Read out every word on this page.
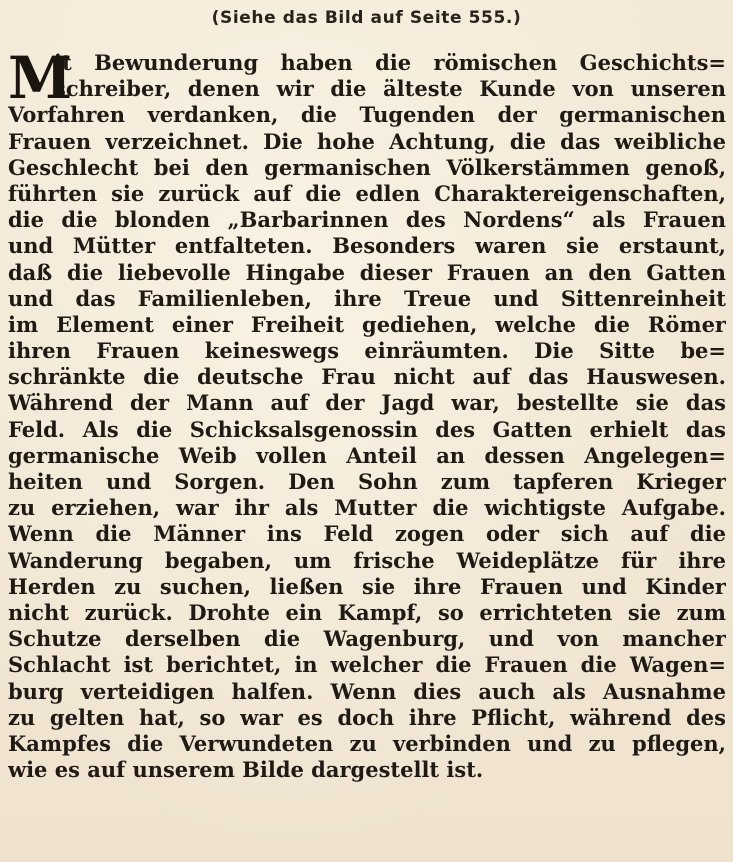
(Siehe das Bild auf Seite 555.)
M
it Bewunderung haben die römischen Geschichts=
schreiber, denen wir die älteste Kunde von unseren
Vorfahren verdanken, die Tugenden der germanischen
Frauen verzeichnet. Die hohe Achtung, die das weibliche
Geschlecht bei den germanischen Völkerstämmen genoß,
führten sie zurück auf die edlen Charaktereigenschaften,
die die blonden „Barbarinnen des Nordens“ als Frauen
und Mütter entfalteten. Besonders waren sie erstaunt,
daß die liebevolle Hingabe dieser Frauen an den Gatten
und das Familienleben, ihre Treue und Sittenreinheit
im Element einer Freiheit gediehen, welche die Römer
ihren Frauen keineswegs einräumten. Die Sitte be=
schränkte die deutsche Frau nicht auf das Hauswesen.
Während der Mann auf der Jagd war, bestellte sie das
Feld. Als die Schicksalsgenossin des Gatten erhielt das
germanische Weib vollen Anteil an dessen Angelegen=
heiten und Sorgen. Den Sohn zum tapferen Krieger
zu erziehen, war ihr als Mutter die wichtigste Aufgabe.
Wenn die Männer ins Feld zogen oder sich auf die
Wanderung begaben, um frische Weideplätze für ihre
Herden zu suchen, ließen sie ihre Frauen und Kinder
nicht zurück. Drohte ein Kampf, so errichteten sie zum
Schutze derselben die Wagenburg, und von mancher
Schlacht ist berichtet, in welcher die Frauen die Wagen=
burg verteidigen halfen. Wenn dies auch als Ausnahme
zu gelten hat, so war es doch ihre Pflicht, während des
Kampfes die Verwundeten zu verbinden und zu pflegen,
wie es auf unserem Bilde dargestellt ist.
